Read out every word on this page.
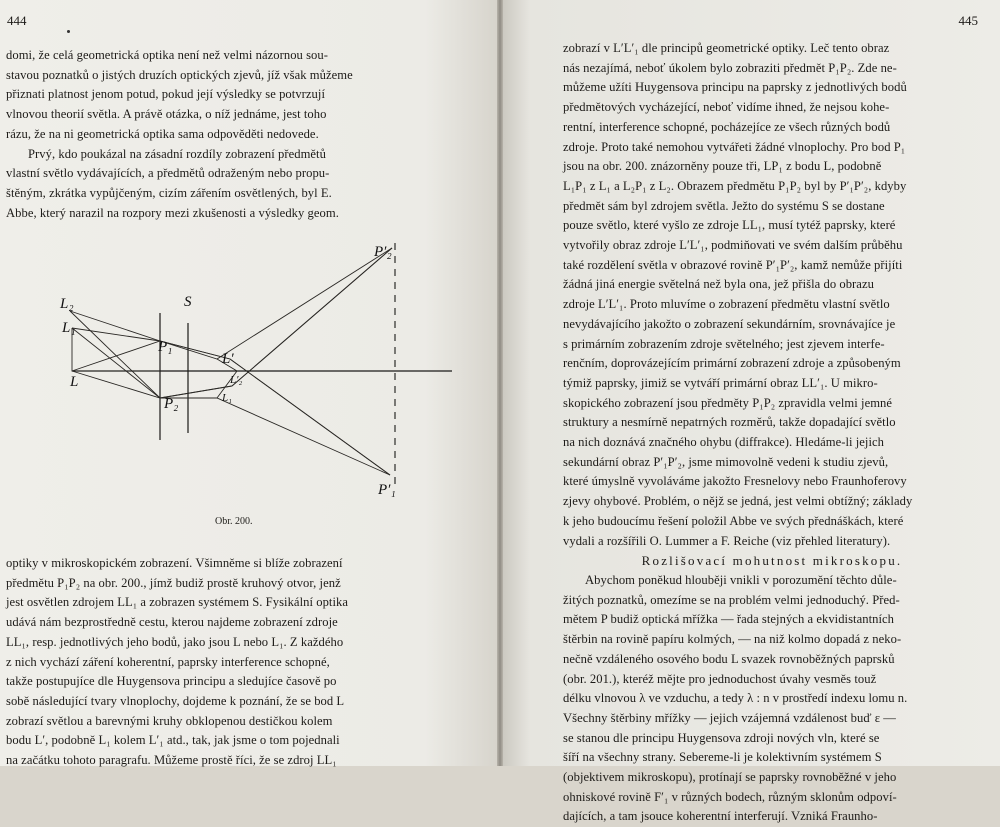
444

domi, že celá geometrická optika není než velmi názornou sou-

stavou poznatků o jistých druzích optických zjevů, jíž však můžeme

přiznati platnost jenom potud, pokud její výsledky se potvrzují

vlnovou theorií světla. A právě otázka, o níž jednáme, jest toho

rázu, že na ni geometrická optika sama odpověděti nedovede.

Prvý, kdo poukázal na zásadní rozdíly zobrazení předmětů

vlastní světlo vydávajících, a předmětů odraženým nebo propu-

štěným, zkrátka vypůjčeným, cizím zářením osvětlených, byl E.

Abbe, který narazil na rozpory mezi zkušenosti a výsledky geom.

L₂
L₁
L
S
P₁
P₂
L′
L′₂
L₁
P′₂
P′₁
Obr. 200.

optiky v mikroskopickém zobrazení. Všimněme si blíže zobrazení

předmětu P₁P₂ na obr. 200., jímž budiž prostě kruhový otvor, jenž

jest osvětlen zdrojem LL₁ a zobrazen systémem S. Fysikální optika

udává nám bezprostředně cestu, kterou najdeme zobrazení zdroje

LL₁, resp. jednotlivých jeho bodů, jako jsou L nebo L₁. Z každého

z nich vychází záření koherentní, paprsky interference schopné,

takže postupujíce dle Huygensova principu a sledujíce časově po

sobě následující tvary vlnoplochy, dojdeme k poznání, že se bod L

zobrazí světlou a barevnými kruhy obklopenou destičkou kolem

bodu L′, podobně L₁ kolem L′₁ atd., tak, jak jsme o tom pojednali

na začátku tohoto paragrafu. Můžeme prostě říci, že se zdroj LL₁

445

zobrazí v L′L′₁ dle principů geometrické optiky. Leč tento obraz

nás nezajímá, neboť úkolem bylo zobraziti předmět P₁P₂. Zde ne-

můžeme užíti Huygensova principu na paprsky z jednotlivých bodů

předmětových vycházející, neboť vidíme ihned, že nejsou kohe-

rentní, interference schopné, pocházejíce ze všech různých bodů

zdroje. Proto také nemohou vytvářeti žádné vlnoplochy. Pro bod P₁

jsou na obr. 200. znázorněny pouze tři, LP₁ z bodu L, podobně

L₁P₁ z L₁ a L₂P₁ z L₂. Obrazem předmětu P₁P₂ byl by P′₁P′₂, kdyby

předmět sám byl zdrojem světla. Ježto do systému S se dostane

pouze světlo, které vyšlo ze zdroje LL₁, musí tytéž paprsky, které

vytvořily obraz zdroje L′L′₁, podmiňovati ve svém dalším průběhu

také rozdělení světla v obrazové rovině P′₁P′₂, kamž nemůže přijíti

žádná jiná energie světelná než byla ona, jež přišla do obrazu

zdroje L′L′₁. Proto mluvíme o zobrazení předmětu vlastní světlo

nevydávajícího jakožto o zobrazení sekundárním, srovnávajíce je

s primárním zobrazením zdroje světelného; jest zjevem interfe-

renčním, doprovázejícím primární zobrazení zdroje a způsobeným

týmiž paprsky, jimiž se vytváří primární obraz LL′₁. U mikro-

skopického zobrazení jsou předměty P₁P₂ zpravidla velmi jemné

struktury a nesmírně nepatrných rozměrů, takže dopadající světlo

na nich doznává značného ohybu (diffrakce). Hledáme-li jejich

sekundární obraz P′₁P′₂, jsme mimovolně vedeni k studiu zjevů,

které úmyslně vyvoláváme jakožto Fresnelovy nebo Fraunhoferovy

zjevy ohybové. Problém, o nějž se jedná, jest velmi obtížný; základy

k jeho budoucímu řešení položil Abbe ve svých přednáškách, které

vydali a rozšířili O. Lummer a F. Reiche (viz přehled literatury).

Rozlišovací mohutnost mikroskopu.

Abychom poněkud hlouběji vnikli v porozumění těchto důle-

žitých poznatků, omezíme se na problém velmi jednoduchý. Před-

mětem P budiž optická mřížka — řada stejných a ekvidistantních

štěrbin na rovině papíru kolmých, — na niž kolmo dopadá z neko-

nečně vzdáleného osového bodu L svazek rovnoběžných paprsků

(obr. 201.), kteréž mějte pro jednoduchost úvahy vesměs touž

délku vlnovou λ ve vzduchu, a tedy λ : n v prostředí indexu lomu n.

Všechny štěrbiny mřížky — jejich vzájemná vzdálenost buď ε —

se stanou dle principu Huygensova zdroji nových vln, které se

šíří na všechny strany. Sebereme-li je kolektivním systémem S

(objektivem mikroskopu), protínají se paprsky rovnoběžné v jeho

ohniskové rovině F′₁ v různých bodech, různým sklonům odpoví-

dajících, a tam jsouce koherentní interferují. Vzniká Fraunho-
